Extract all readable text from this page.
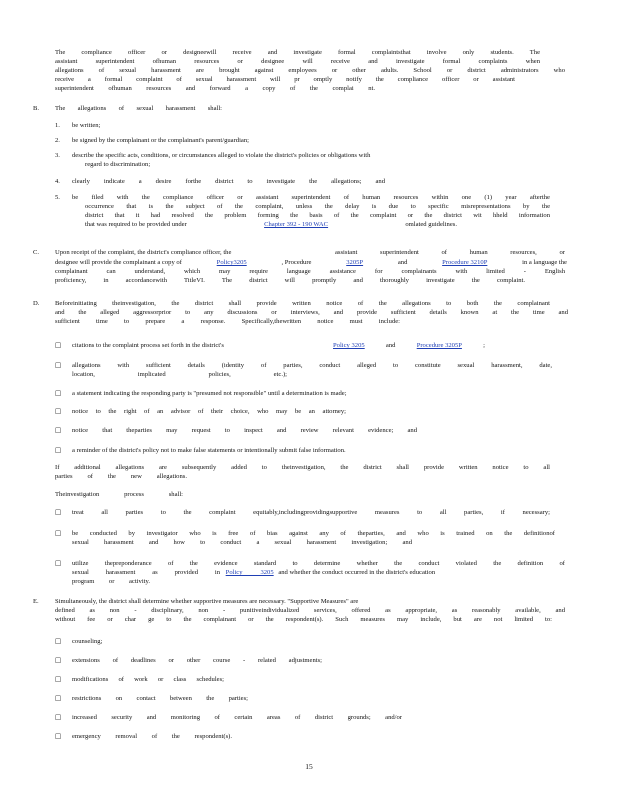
The compliance officer or designeewill receive and investigate formal complaintsthat involve only students. The
assistant superintendent ofhuman resources or designee will receive and investigate formal complaints when
allegations of sexual harassment are brought against employees or other adults. School or district administrators who
receive a formal complaint of sexual harassment will pr omptly notify the compliance officer or assistant
superintendent ofhuman resources and forward a copy of the complai nt.
B. The allegations of sexual harassment shall:
1. be written;
2. be signed by the complainant or the complainant's parent/guardian;
3. describe the specific acts, conditions, or circumstances alleged to violate the district's policies or obligations with
regard to discrimination;
4. clearly indicate a desire forthe district to investigate the allegations; and
5. be filed with the compliance officer or assistant superintendent of human resources within one (1) year afterthe
occurrence that is the subject of the complaint, unless the delay is due to specific misrepresentations by the
district that it had resolved the problem forming the basis of the complaint or the district wit hheld information
that was required to be provided under	Chapter 392 - 190 WAC	omlated guidelines.
C. Upon receipt of the complaint, the district's compliance officer, the	assistant superintendent of human resources, or
designee will provide the complainant a copy of	Policy3205	, Procedure	3205P	and	Procedure 3210P	in a language the
complainant can understand, which may require language assistance for complainants with limited - English
proficiency, in accordancewith TitleVI. The district will promptly and thoroughly investigate the complaint.
D. Beforeinitiating theinvestigation, the district shall provide written notice of the allegations to both the complainant
and the alleged aggressorprior to any discussions or interviews, and provide sufficient details known at the time and
sufficient time to prepare a response. Specifically,thewritten notice must include:
□ citations to the complaint process set forth in the district's	Policy 3205	and	Procedure 3205P	;
□ allegations with sufficient details (identity of parties, conduct alleged to constitute sexual harassment, date,
location, implicated policies, etc.);
□ a statement indicating the responding party is "presumed not responsible" until a determination is made;
□ notice to the right of an advisor of their choice, who may be an attorney;
□ notice that theparties may request to inspect and review relevant evidence; and
□ a reminder of the district's policy not to make false statements or intentionally submit false information.
If additional allegations are subsequently added to theinvestigation, the district shall provide written notice to all
parties of the new allegations.
Theinvestigation process shall:
□ treat all parties to the complaint equitably,includingprovidingsupportive measures to all parties, if necessary;
□ be conducted by investigator who is free of bias against any of theparties, and who is trained on the definitionof
sexual harassment and how to conduct a sexual harassment investigation; and
□ utilize thepreponderance of the evidence standard to determine whether the conduct violated the definition of
sexual harassment as provided in Policy 3205 and whether the conduct occurred in the district's education
program or activity.
E. Simultaneously, the district shall determine whether supportive measures are necessary. "Supportive Measures" are
defined as non - disciplinary, non - punitiveindividualized services, offered as appropriate, as reasonably available, and
without fee or char ge to the complainant or the respondent(s). Such measures may include, but are not limited to:
□ counseling;
□ extensions of deadlines or other course - related adjustments;
□ modifications of work or class schedules;
□ restrictions on contact between the parties;
□ increased security and monitoring of certain areas of district grounds; and/or
□ emergency removal of the respondent(s).
15
